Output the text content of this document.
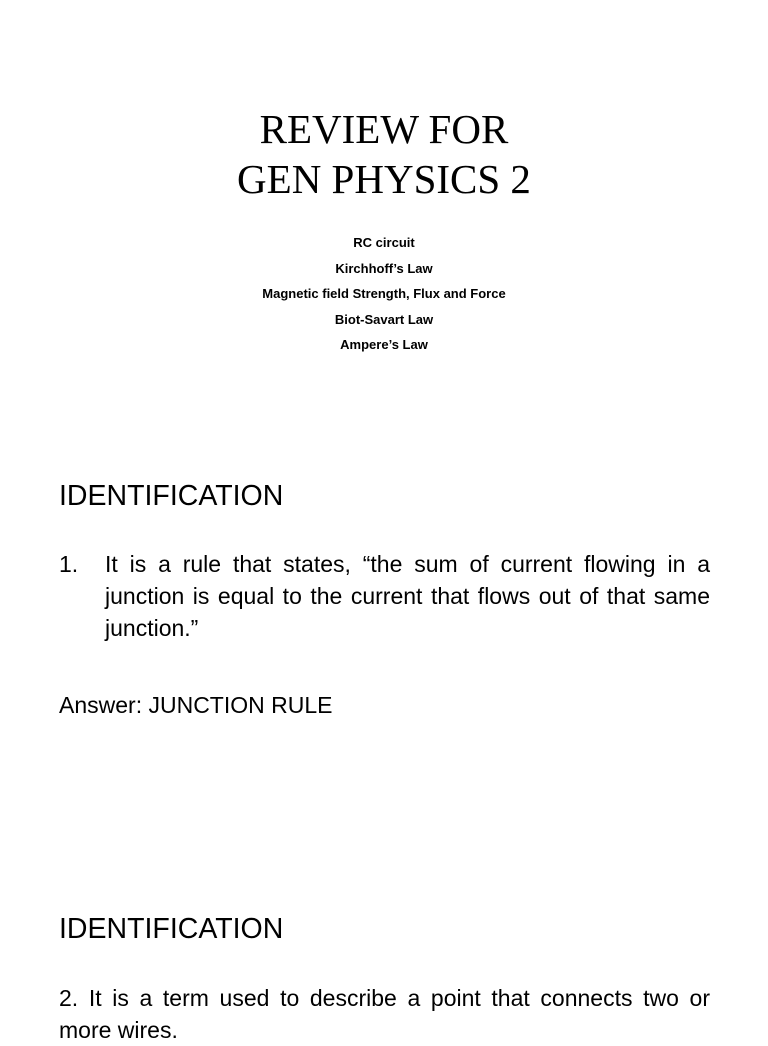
REVIEW FOR
GEN PHYSICS 2
RC circuit
Kirchhoff’s Law
Magnetic field Strength, Flux and Force
Biot-Savart Law
Ampere’s Law
IDENTIFICATION
1.	It is a rule that states, “the sum of current flowing in a junction is equal to the current that flows out of that same junction.”
Answer: JUNCTION RULE
IDENTIFICATION
2. It is a term used to describe a point that connects two or more wires.
